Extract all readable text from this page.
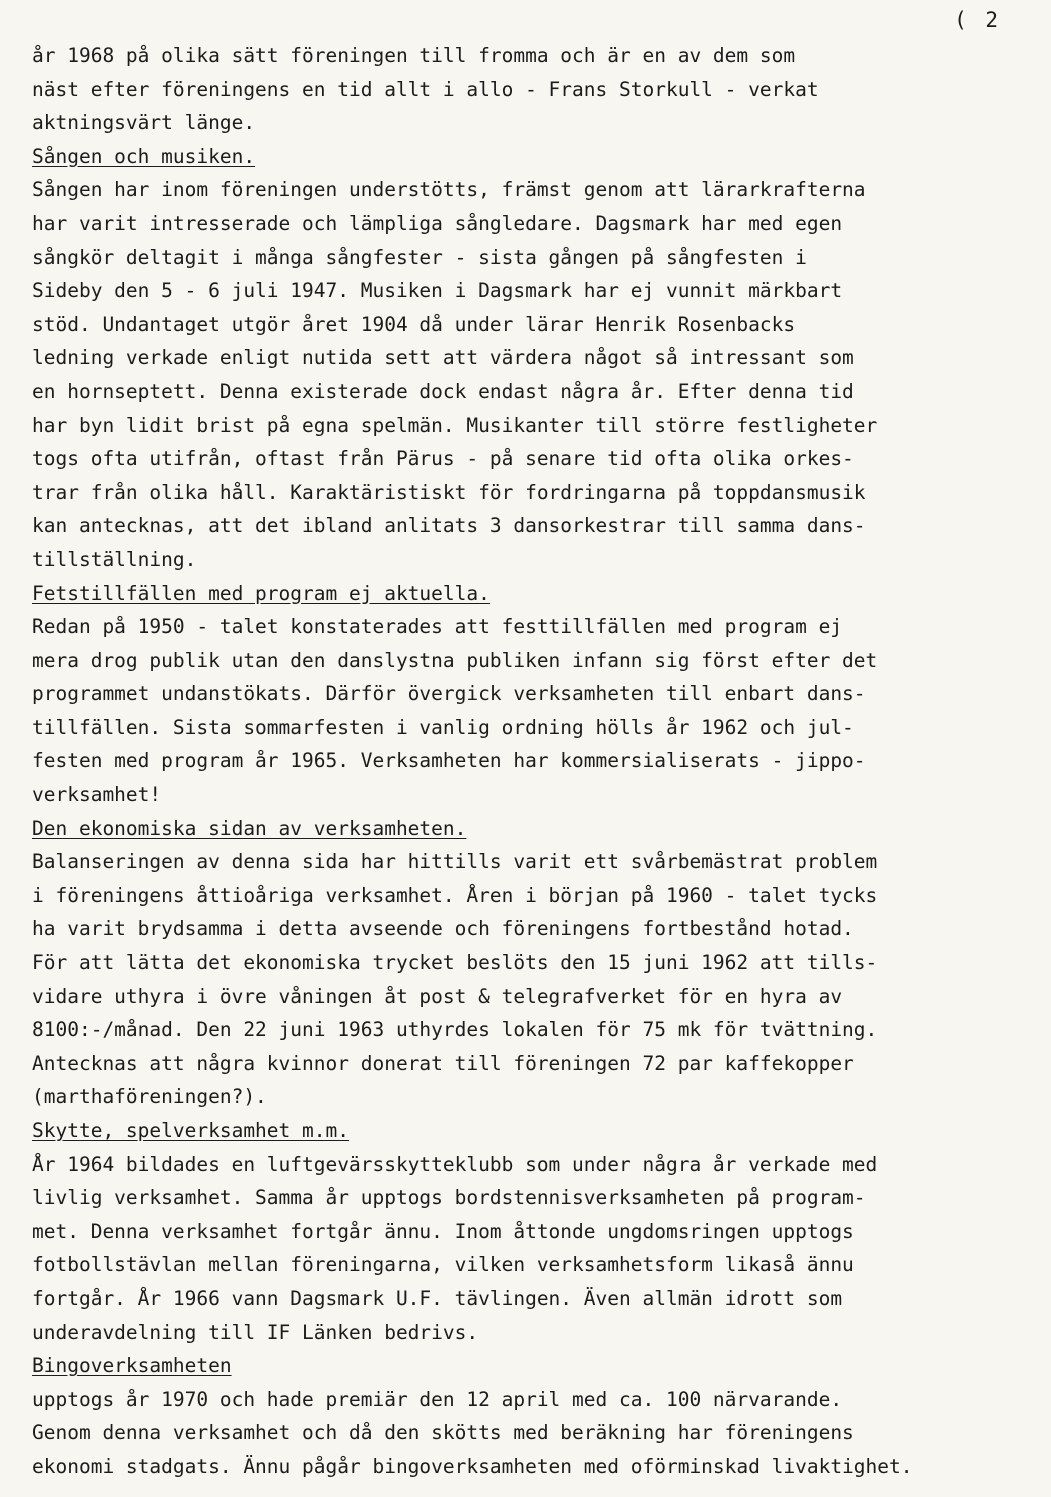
( 2
år 1968 på olika sätt föreningen till fromma och är en av dem som
näst efter föreningens en tid allt i allo - Frans Storkull - verkat
aktningsvärt länge.
Sången och musiken.
Sången har inom föreningen understötts, främst genom att lärarkrafterna
har varit intresserade och lämpliga sångledare. Dagsmark har med egen
sångkör deltagit i många sångfester - sista gången på sångfesten i
Sideby den 5 - 6 juli 1947. Musiken i Dagsmark har ej vunnit märkbart
stöd. Undantaget utgör året 1904 då under lärar Henrik Rosenbacks
ledning verkade enligt nutida sett att värdera något så intressant som
en hornseptett. Denna existerade dock endast några år. Efter denna tid
har byn lidit brist på egna spelmän. Musikanter till större festligheter
togs ofta utifrån, oftast från Pärus - på senare tid ofta olika orkes-
trar från olika håll. Karaktäristiskt för fordringarna på toppdansmusik
kan antecknas, att det ibland anlitats 3 dansorkestrar till samma dans-
tillställning.
Fetstillfällen med program ej aktuella.
Redan på 1950 - talet konstaterades att festtillfällen med program ej
mera drog publik utan den danslystna publiken infann sig först efter det
programmet undanstökats. Därför övergick verksamheten till enbart dans-
tillfällen. Sista sommarfesten i vanlig ordning hölls år 1962 och jul-
festen med program år 1965. Verksamheten har kommersialiserats - jippo-
verksamhet!
Den ekonomiska sidan av verksamheten.
Balanseringen av denna sida har hittills varit ett svårbemästrat problem
i föreningens åttioåriga verksamhet. Åren i början på 1960 - talet tycks
ha varit brydsamma i detta avseende och föreningens fortbestånd hotad.
För att lätta det ekonomiska trycket beslöts den 15 juni 1962 att tills-
vidare uthyra i övre våningen åt post & telegrafverket för en hyra av
8100:-/månad. Den 22 juni 1963 uthyrdes lokalen för 75 mk för tvättning.
Antecknas att några kvinnor donerat till föreningen 72 par kaffekopper
(marthaföreningen?).
Skytte, spelverksamhet m.m.
År 1964 bildades en luftgevärsskytteklubb som under några år verkade med
livlig verksamhet. Samma år upptogs bordstennisverksamheten på program-
met. Denna verksamhet fortgår ännu. Inom åttonde ungdomsringen upptogs
fotbollstävlan mellan föreningarna, vilken verksamhetsform likaså ännu
fortgår. År 1966 vann Dagsmark U.F. tävlingen. Även allmän idrott som
underavdelning till IF Länken bedrivs.
Bingoverksamheten
upptogs år 1970 och hade premiär den 12 april med ca. 100 närvarande.
Genom denna verksamhet och då den skötts med beräkning har föreningens
ekonomi stadgats. Ännu pågår bingoverksamheten med oförminskad livaktighet.
